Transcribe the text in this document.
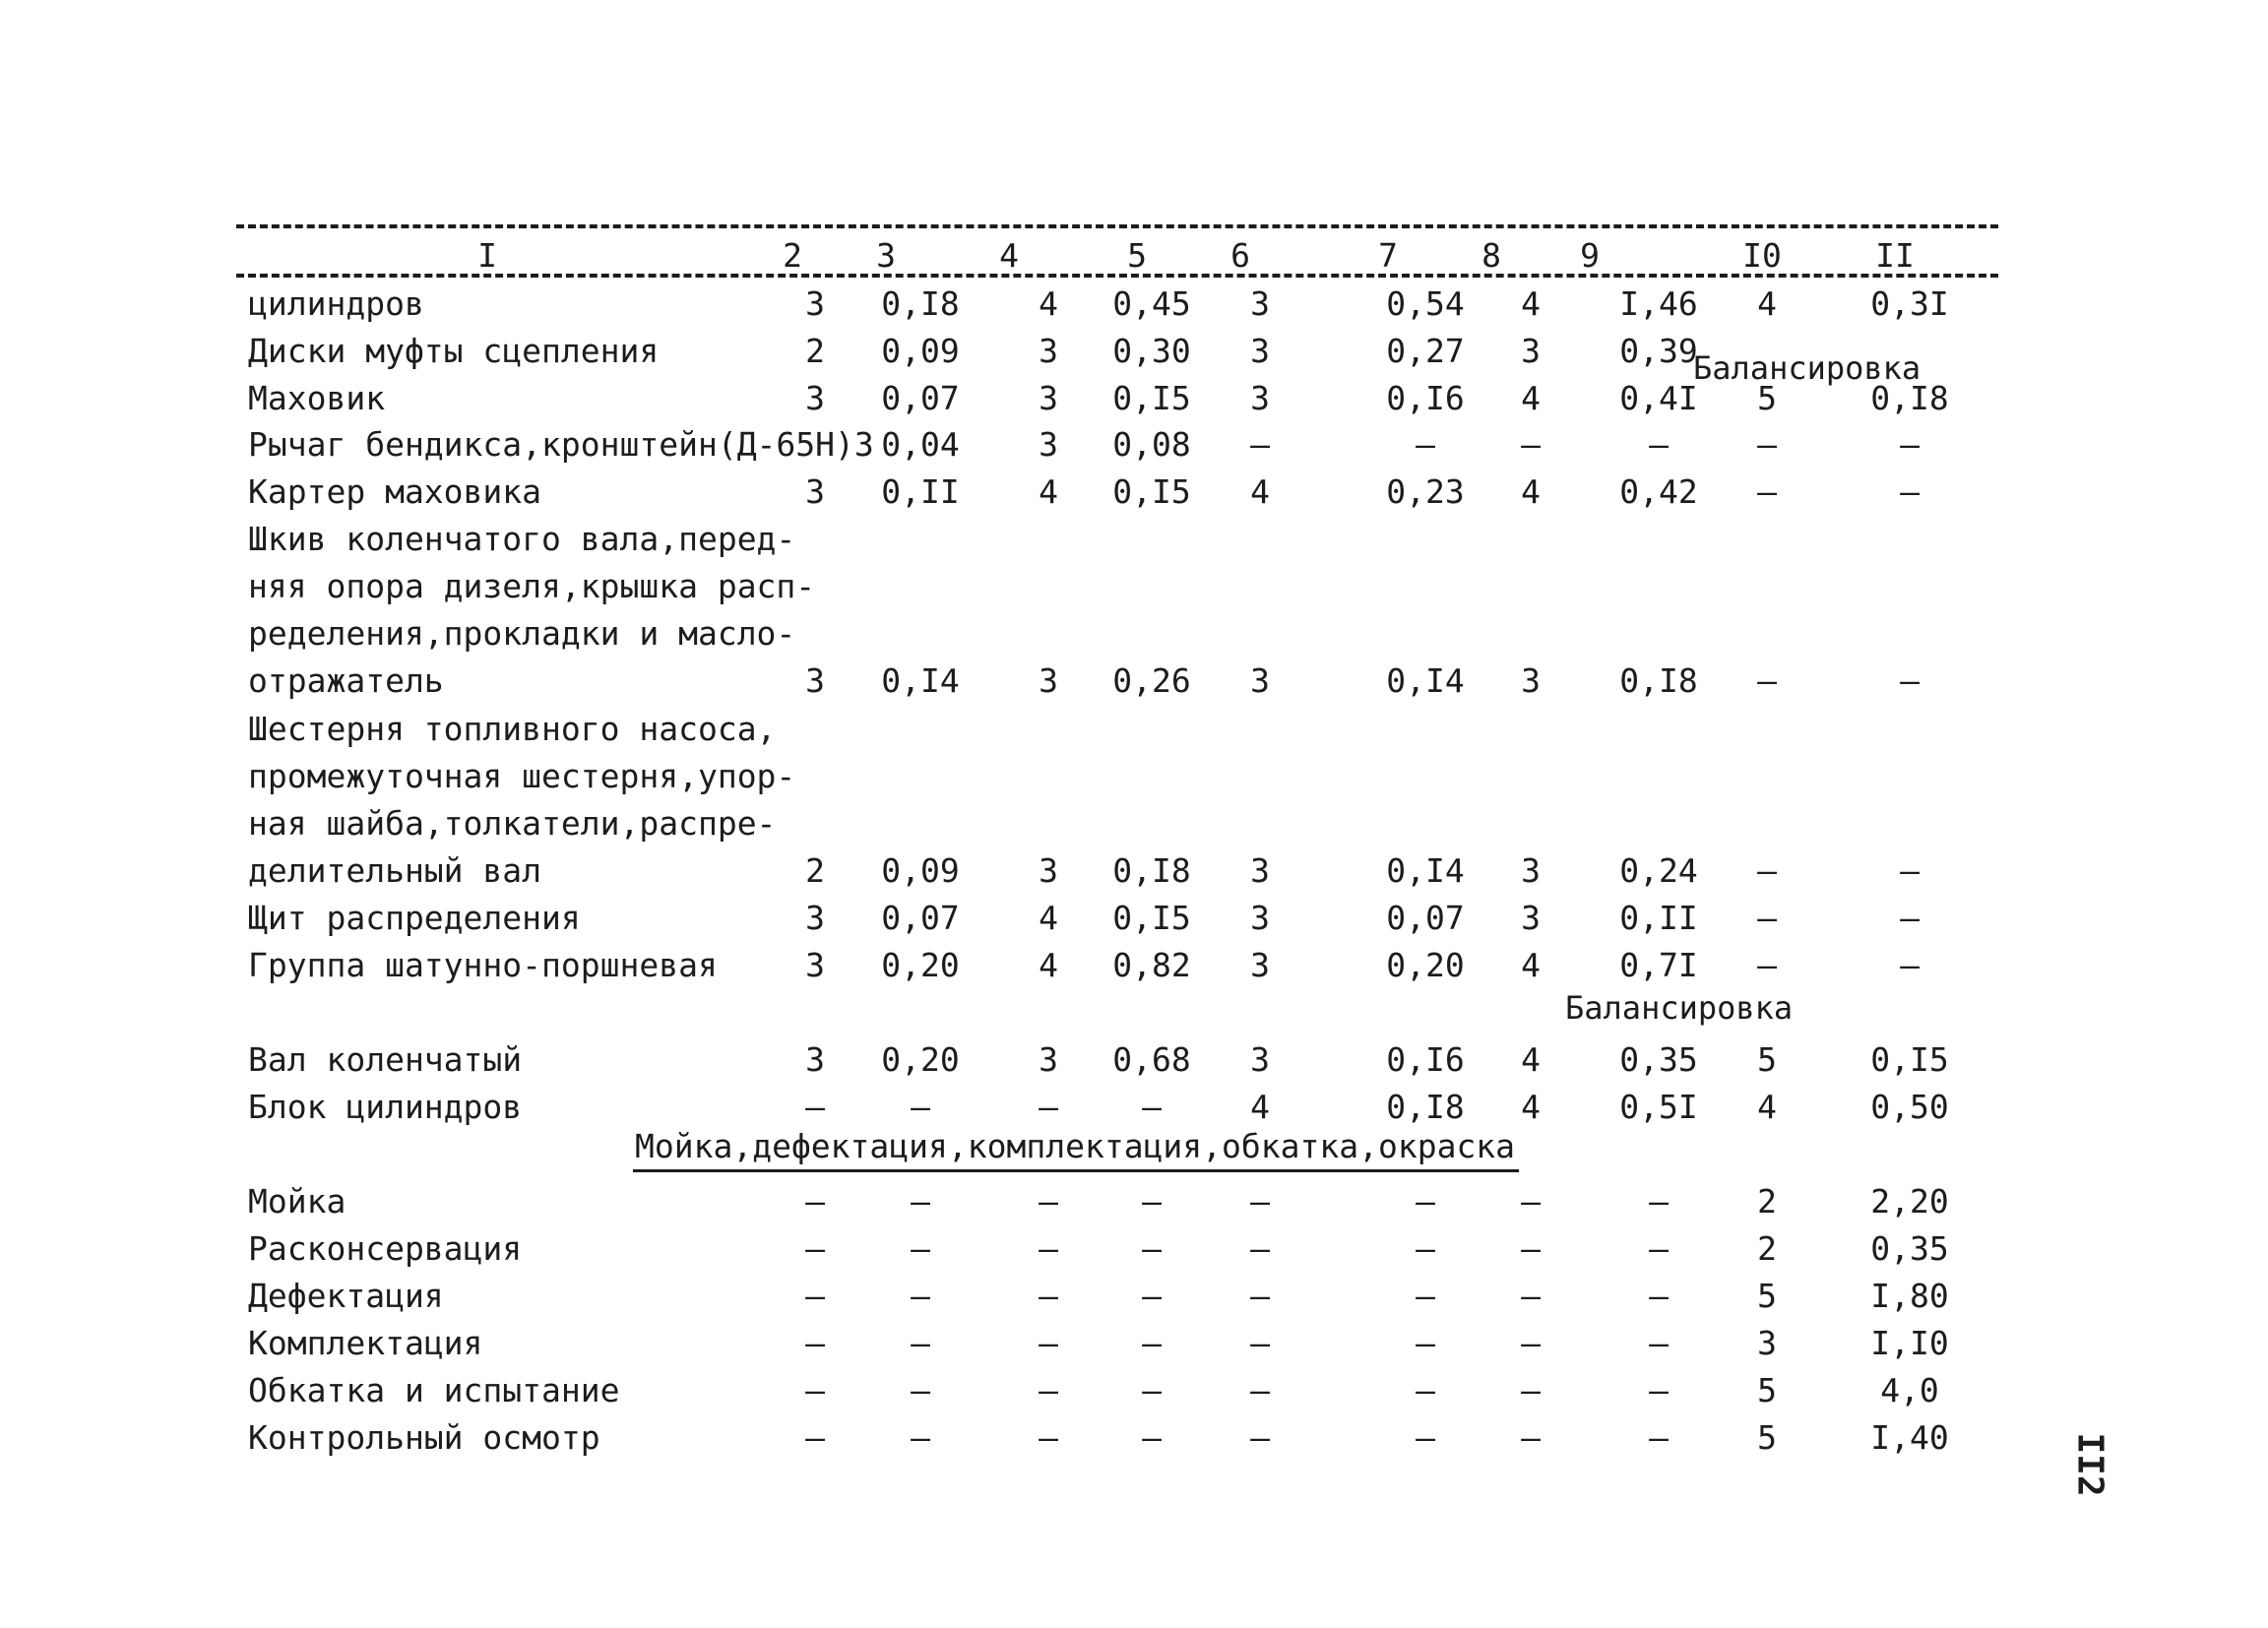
Балансировка
Балансировка
Мойка,дефектация,комплектация,обкатка,окраска
II2
I	2	3	4	5	6	7	8	9	I0	II
цилиндров	3	0,I8	4	0,45	3	0,54	4	I,46	4	0,3I
Диски муфты сцепления	2	0,09	3	0,30	3	0,27	3	0,39
Маховик	3	0,07	3	0,I5	3	0,I6	4	0,4I	5	0,I8
Рычаг бендикса,кронштейн(Д-65Н)3 0,04	3	0,08	–	–	–	–	–	–
Картер маховика	3	0,II	4	0,I5	4	0,23	4	0,42	–	–
Шкив коленчатого вала,перед-
няя опора дизеля,крышка расп-
ределения,прокладки и масло-
отражатель	3	0,I4	3	0,26	3	0,I4	3	0,I8	–	–
Шестерня топливного насоса,
промежуточная шестерня,упор-
ная шайба,толкатели,распре-
делительный вал	2	0,09	3	0,I8	3	0,I4	3	0,24	–	–
Щит распределения	3	0,07	4	0,I5	3	0,07	3	0,II	–	–
Группа шатунно-поршневая	3	0,20	4	0,82	3	0,20	4	0,7I	–	–
Вал коленчатый	3	0,20	3	0,68	3	0,I6	4	0,35	5	0,I5
Блок цилиндров	–	–	–	–	4	0,I8	4	0,5I	4	0,50
Мойка	–	–	–	–	–	–	–	–	2	2,20
Расконсервация	–	–	–	–	–	–	–	–	2	0,35
Дефектация	–	–	–	–	–	–	–	–	5	I,80
Комплектация	–	–	–	–	–	–	–	–	3	I,I0
Обкатка и испытание	–	–	–	–	–	–	–	–	5	4,0
Контрольный осмотр	–	–	–	–	–	–	–	–	5	I,40
